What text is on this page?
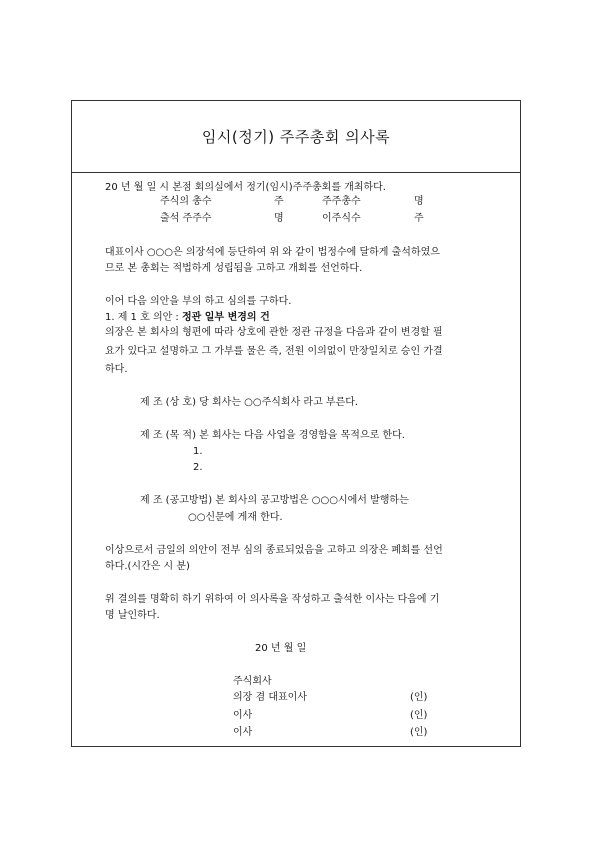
임시(정기) 주주총회 의사록
20 년 월 일 시 본점 회의실에서 정기(임시)주주총회를 개최하다.
주식의 총수	주	주주총수	명
출석 주주수	명	이주식수	주
대표이사 ○○○은 의장석에 등단하여 위 와 같이 법정수에 달하게 출석하였으
므로 본 총회는 적법하게 성립됨을 고하고 개회를 선언하다.
이어 다음 의안을 부의 하고 심의를 구하다.
1. 제 1 호 의안 : 정관 일부 변경의 건
의장은 본 회사의 형편에 따라 상호에 관한 정관 규정을 다음과 같이 변경할 필
요가 있다고 설명하고 그 가부를 물은 즉, 전원 이의없이 만장일치로 승인 가결
하다.
제 조 (상 호) 당 회사는 ○○주식회사 라고 부른다.
제 조 (목 적) 본 회사는 다음 사업을 경영함을 목적으로 한다.
1.
2.
제 조 (공고방법) 본 회사의 공고방법은 ○○○시에서 발행하는
○○신문에 게재 한다.
이상으로서 금일의 의안이 전부 심의 종료되었음을 고하고 의장은 폐회를 선언
하다.(시간은 시 분)
위 결의를 명확히 하기 위하여 이 의사록을 작성하고 출석한 이사는 다음에 기
명 날인하다.
20 년 월 일
주식회사
의장 겸 대표이사	(인)
이사	(인)
이사	(인)
